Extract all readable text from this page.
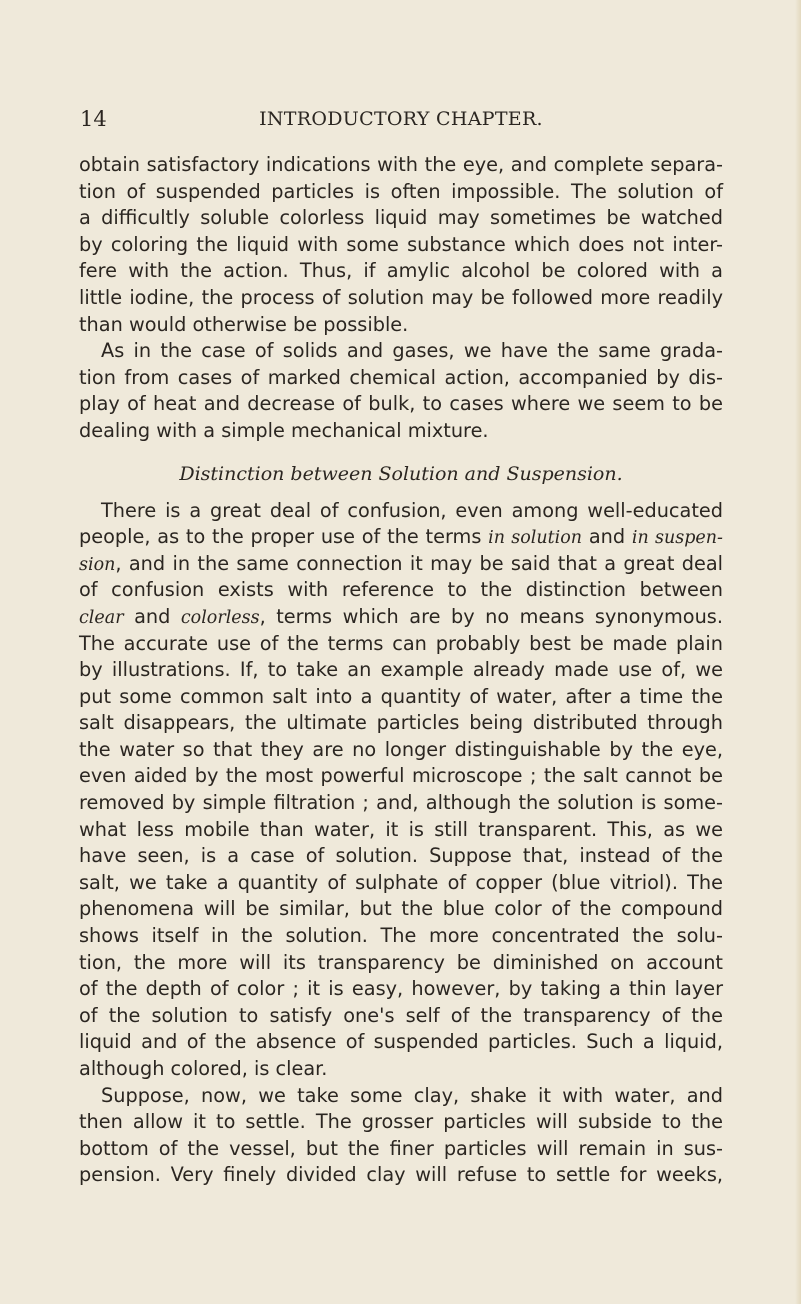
14	INTRODUCTORY CHAPTER.
obtain satisfactory indications with the eye, and complete separa-
tion of suspended particles is often impossible. The solution of
a difficultly soluble colorless liquid may sometimes be watched
by coloring the liquid with some substance which does not inter-
fere with the action. Thus, if amylic alcohol be colored with a
little iodine, the process of solution may be followed more readily
than would otherwise be possible.
As in the case of solids and gases, we have the same grada-
tion from cases of marked chemical action, accompanied by dis-
play of heat and decrease of bulk, to cases where we seem to be
dealing with a simple mechanical mixture.
Distinction between Solution and Suspension.
There is a great deal of confusion, even among well-educated
people, as to the proper use of the terms in solution and in suspen-
sion, and in the same connection it may be said that a great deal
of confusion exists with reference to the distinction between
clear and colorless, terms which are by no means synonymous.
The accurate use of the terms can probably best be made plain
by illustrations. If, to take an example already made use of, we
put some common salt into a quantity of water, after a time the
salt disappears, the ultimate particles being distributed through
the water so that they are no longer distinguishable by the eye,
even aided by the most powerful microscope ; the salt cannot be
removed by simple filtration ; and, although the solution is some-
what less mobile than water, it is still transparent. This, as we
have seen, is a case of solution. Suppose that, instead of the
salt, we take a quantity of sulphate of copper (blue vitriol). The
phenomena will be similar, but the blue color of the compound
shows itself in the solution. The more concentrated the solu-
tion, the more will its transparency be diminished on account
of the depth of color ; it is easy, however, by taking a thin layer
of the solution to satisfy one's self of the transparency of the
liquid and of the absence of suspended particles. Such a liquid,
although colored, is clear.
Suppose, now, we take some clay, shake it with water, and
then allow it to settle. The grosser particles will subside to the
bottom of the vessel, but the finer particles will remain in sus-
pension. Very finely divided clay will refuse to settle for weeks,
